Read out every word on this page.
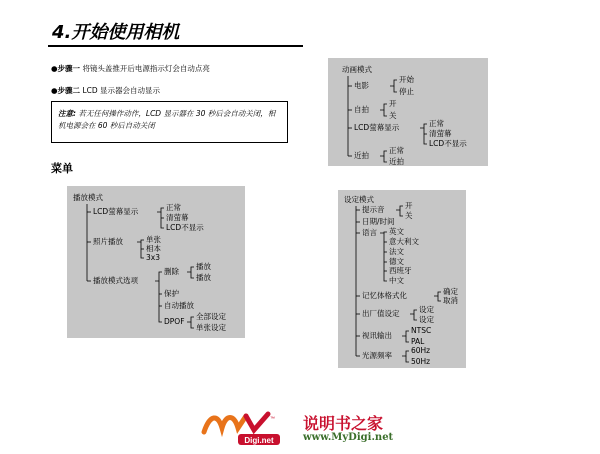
4.开始使用相机
●步骤一 将镜头盖推开后电源指示灯会自动点亮
●步骤二 LCD 显示器会自动显示
注意: 若无任何操作动作，LCD 显示器在 30 秒后会自动关闭，相机电源会在 60 秒后自动关闭
菜单
动画模式
电影
开始
停止
自拍
开
关
LCD萤幕显示	正常
清萤幕
LCD不显示
近拍
正常
近拍
播放模式
LCD萤幕显示	正常
清萤幕
LCD不显示
照片播放	单张
相本
3x3
播放模式选项
删除
播放
播放
保护
自动播放
DPOF
全部设定
单张设定
设定模式
提示音	开
关
日期/时间
语言 英文
意大利文
法文
德文
西班牙
中文
记忆体格式化	确定
取消
出厂值设定	设定
设定
视讯输出
NTSC
PAL
光源频率
60Hz
50Hz
Digi.net
™ 说明书之家
www.MyDigi.net
